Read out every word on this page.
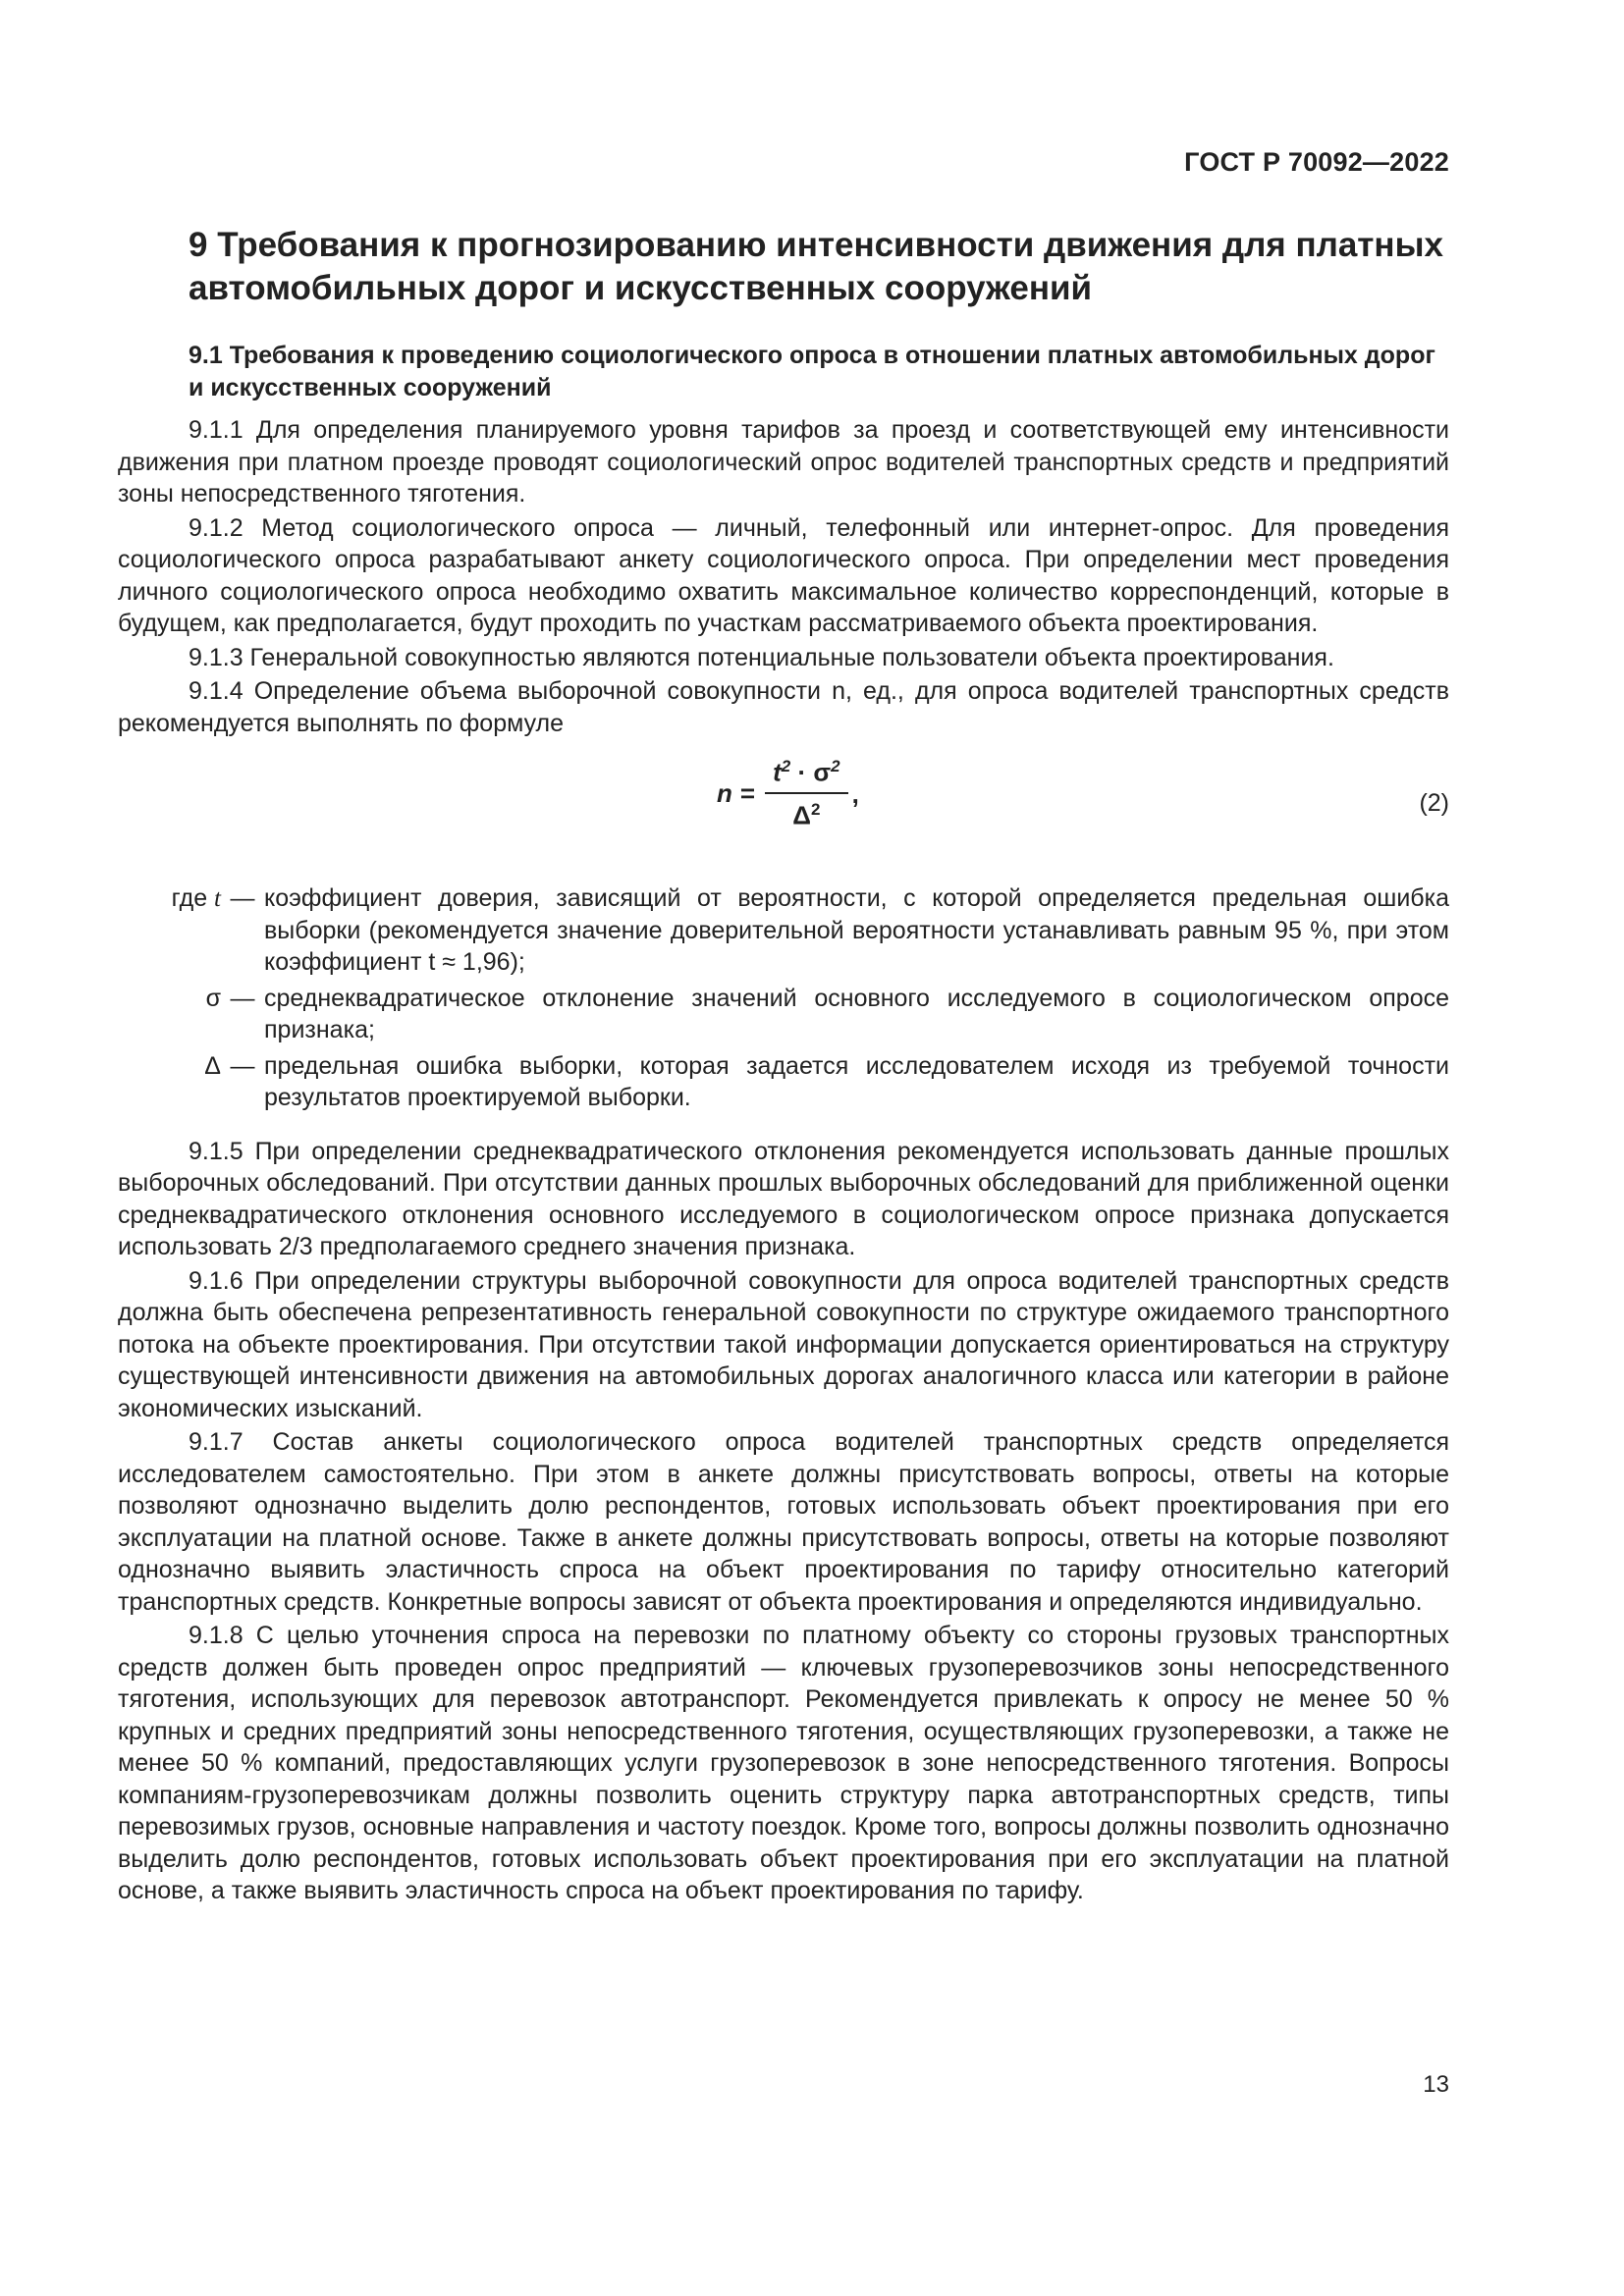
ГОСТ Р 70092—2022
9 Требования к прогнозированию интенсивности движения для платных автомобильных дорог и искусственных сооружений
9.1 Требования к проведению социологического опроса в отношении платных автомобильных дорог и искусственных сооружений

9.1.1 Для определения планируемого уровня тарифов за проезд и соответствующей ему интенсивности движения при платном проезде проводят социологический опрос водителей транспортных средств и предприятий зоны непосредственного тяготения.

9.1.2 Метод социологического опроса — личный, телефонный или интернет-опрос. Для проведения социологического опроса разрабатывают анкету социологического опроса. При определении мест проведения личного социологического опроса необходимо охватить максимальное количество корреспонденций, которые в будущем, как предполагается, будут проходить по участкам рассматриваемого объекта проектирования.

9.1.3 Генеральной совокупностью являются потенциальные пользователи объекта проектирования.

9.1.4 Определение объема выборочной совокупности n, ед., для опроса водителей транспортных средств рекомендуется выполнять по формуле

$n = \frac{t^2 \cdot \sigma^2}{\Delta^2}$ ,	(2)
где t — коэффициент доверия, зависящий от вероятности, с которой определяется предельная ошибка выборки (рекомендуется значение доверительной вероятности устанавливать равным 95 %, при этом коэффициент t ≈ 1,96);
σ — среднеквадратическое отклонение значений основного исследуемого в социологическом опросе признака;
Δ — предельная ошибка выборки, которая задается исследователем исходя из требуемой точности результатов проектируемой выборки.

9.1.5 При определении среднеквадратического отклонения рекомендуется использовать данные прошлых выборочных обследований. При отсутствии данных прошлых выборочных обследований для приближенной оценки среднеквадратического отклонения основного исследуемого в социологическом опросе признака допускается использовать 2/3 предполагаемого среднего значения признака.

9.1.6 При определении структуры выборочной совокупности для опроса водителей транспортных средств должна быть обеспечена репрезентативность генеральной совокупности по структуре ожидаемого транспортного потока на объекте проектирования. При отсутствии такой информации допускается ориентироваться на структуру существующей интенсивности движения на автомобильных дорогах аналогичного класса или категории в районе экономических изысканий.

9.1.7 Состав анкеты социологического опроса водителей транспортных средств определяется исследователем самостоятельно. При этом в анкете должны присутствовать вопросы, ответы на которые позволяют однозначно выделить долю респондентов, готовых использовать объект проектирования при его эксплуатации на платной основе. Также в анкете должны присутствовать вопросы, ответы на которые позволяют однозначно выявить эластичность спроса на объект проектирования по тарифу относительно категорий транспортных средств. Конкретные вопросы зависят от объекта проектирования и определяются индивидуально.

9.1.8 С целью уточнения спроса на перевозки по платному объекту со стороны грузовых транспортных средств должен быть проведен опрос предприятий — ключевых грузоперевозчиков зоны непосредственного тяготения, использующих для перевозок автотранспорт. Рекомендуется привлекать к опросу не менее 50 % крупных и средних предприятий зоны непосредственного тяготения, осуществляющих грузоперевозки, а также не менее 50 % компаний, предоставляющих услуги грузоперевозок в зоне непосредственного тяготения. Вопросы компаниям-грузоперевозчикам должны позволить оценить структуру парка автотранспортных средств, типы перевозимых грузов, основные направления и частоту поездок. Кроме того, вопросы должны позволить однозначно выделить долю респондентов, готовых использовать объект проектирования при его эксплуатации на платной основе, а также выявить эластичность спроса на объект проектирования по тарифу.

13
